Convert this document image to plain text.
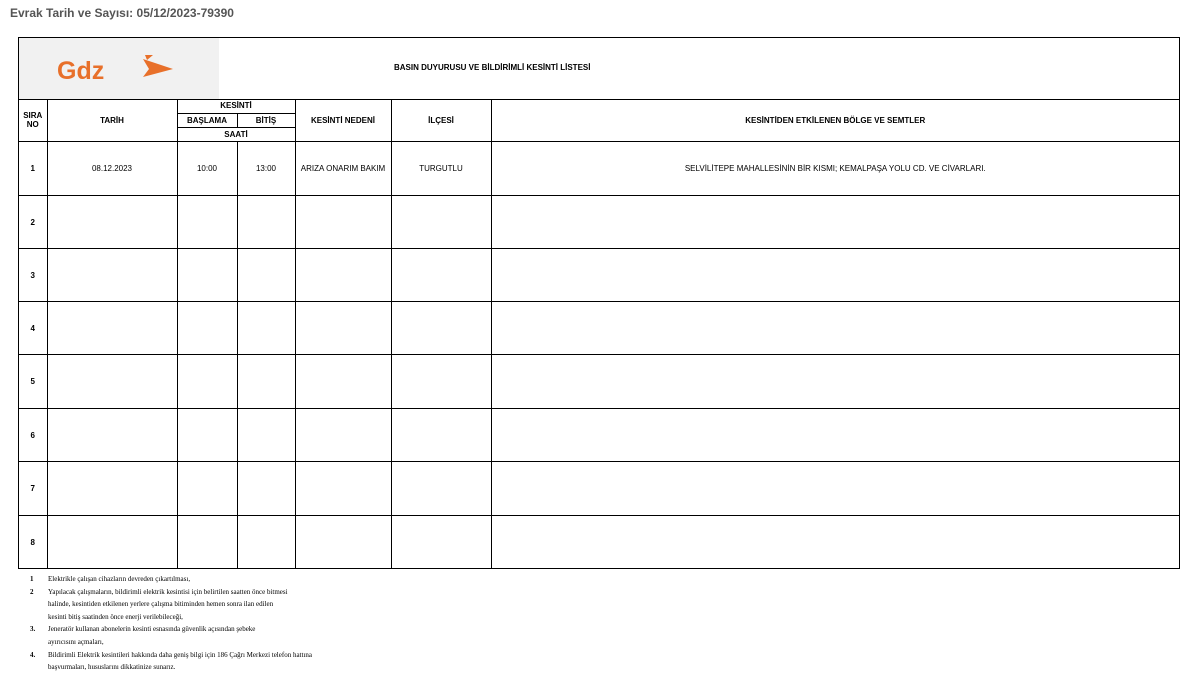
Evrak Tarih ve Sayısı: 05/12/2023-79390
Gdz	BASIN DUYURUSU VE BİLDİRİMLİ KESİNTİ LİSTESİ
SIRA
NO	TARİH	KESİNTİ		KESİNTİ NEDENİ	İLÇESİ	KESİNTİDEN ETKİLENEN BÖLGE VE SEMTLER
		BAŞLAMA	BİTİŞ			
		SAATİ				
1	08.12.2023	10:00	13:00	ARIZA ONARIM BAKIM	TURGUTLU	SELVİLİTEPE MAHALLESİNİN BİR KISMI; KEMALPAŞA YOLU CD. VE CİVARLARI.
2						
3						
4						
5						
6						
7						
8						
1	Elektrikle çalışan cihazların devreden çıkartılması,
2	Yapılacak çalışmaların, bildirimli elektrik kesintisi için belirtilen saatten önce bitmesi
halinde, kesintiden etkilenen yerlere çalışma bitiminden hemen sonra ilan edilen
kesinti bitiş saatinden önce enerji verilebileceği,
3.	Jeneratör kullanan abonelerin kesinti esnasında güvenlik açısından şebeke
ayırıcısını açmaları,
4.	Bildirimli Elektrik kesintileri hakkında daha geniş bilgi için 186 Çağrı Merkezi telefon hattına
başvurmaları, hususlarını dikkatinize sunarız.
